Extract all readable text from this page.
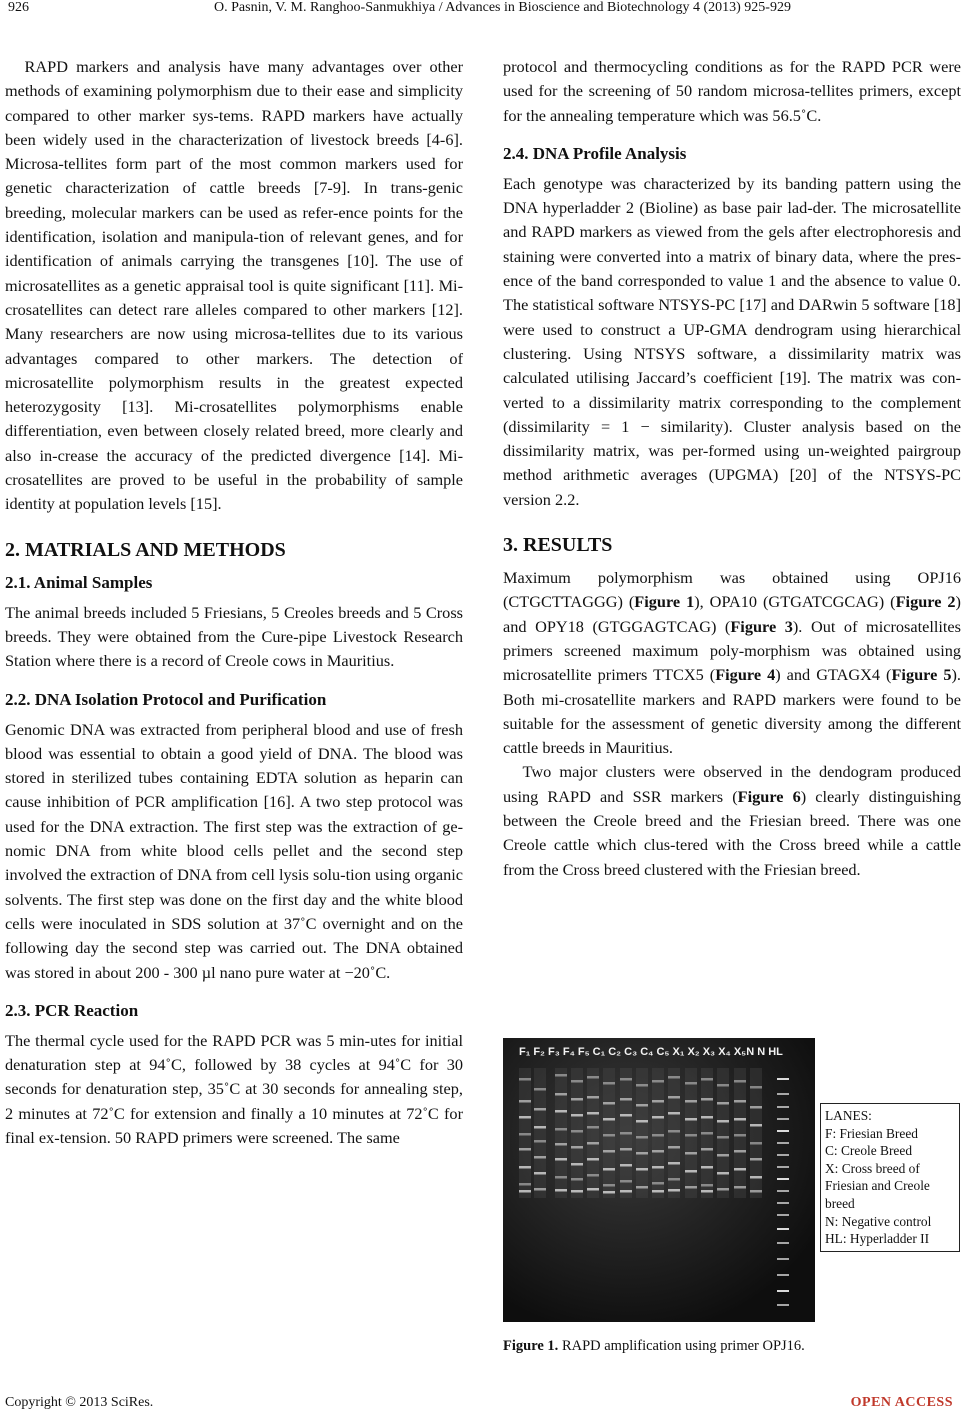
926	O. Pasnin, V. M. Ranghoo-Sanmukhiya / Advances in Bioscience and Biotechnology 4 (2013) 925-929

RAPD markers and analysis have many advantages over other methods of examining polymorphism due to their ease and simplicity compared to other marker sys-tems. RAPD markers have actually been widely used in the characterization of livestock breeds [4-6]. Microsa-tellites form part of the most common markers used for genetic characterization of cattle breeds [7-9]. In trans-genic breeding, molecular markers can be used as refer-ence points for the identification, isolation and manipula-tion of relevant genes, and for identification of animals carrying the transgenes [10]. The use of microsatellites as a genetic appraisal tool is quite significant [11]. Mi-crosatellites can detect rare alleles compared to other markers [12]. Many researchers are now using microsa-tellites due to its various advantages compared to other markers. The detection of microsatellite polymorphism results in the greatest expected heterozygosity [13]. Mi-crosatellites polymorphisms enable differentiation, even between closely related breed, more clearly and also in-crease the accuracy of the predicted divergence [14]. Mi-crosatellites are proved to be useful in the probability of sample identity at population levels [15].

2. MATRIALS AND METHODS
2.1. Animal Samples

The animal breeds included 5 Friesians, 5 Creoles breeds and 5 Cross breeds. They were obtained from the Cure-pipe Livestock Research Station where there is a record of Creole cows in Mauritius.

2.2. DNA Isolation Protocol and Purification

Genomic DNA was extracted from peripheral blood and use of fresh blood was essential to obtain a good yield of DNA. The blood was stored in sterilized tubes containing EDTA solution as heparin can cause inhibition of PCR amplification [16]. A two step protocol was used for the DNA extraction. The first step was the extraction of ge-nomic DNA from white blood cells pellet and the second step involved the extraction of DNA from cell lysis solu-tion using organic solvents. The first step was done on the first day and the white blood cells were inoculated in SDS solution at 37˚C overnight and on the following day the second step was carried out. The DNA obtained was stored in about 200 - 300 µl nano pure water at −20˚C.

2.3. PCR Reaction

The thermal cycle used for the RAPD PCR was 5 min-utes for initial denaturation step at 94˚C, followed by 38 cycles at 94˚C for 30 seconds for denaturation step, 35˚C at 30 seconds for annealing step, 2 minutes at 72˚C for extension and finally a 10 minutes at 72˚C for final ex-tension. 50 RAPD primers were screened. The same

protocol and thermocycling conditions as for the RAPD PCR were used for the screening of 50 random microsa-tellites primers, except for the annealing temperature which was 56.5˚C.

2.4. DNA Profile Analysis

Each genotype was characterized by its banding pattern using the DNA hyperladder 2 (Bioline) as base pair lad-der. The microsatellite and RAPD markers as viewed from the gels after electrophoresis and staining were converted into a matrix of binary data, where the pres-ence of the band corresponded to value 1 and the absence to value 0. The statistical software NTSYS-PC [17] and DARwin 5 software [18] were used to construct a UP-GMA dendrogram using hierarchical clustering. Using NTSYS software, a dissimilarity matrix was calculated utilising Jaccard’s coefficient [19]. The matrix was con-verted to a dissimilarity matrix corresponding to the complement (dissimilarity = 1 − similarity). Cluster analysis based on the dissimilarity matrix, was per-formed using un-weighted pairgroup method arithmetic averages (UPGMA) [20] of the NTSYS-PC version 2.2.

3. RESULTS

Maximum polymorphism was obtained using OPJ16 (CTGCTTAGGG) (Figure 1), OPA10 (GTGATCGCAG) (Figure 2) and OPY18 (GTGGAGTCAG) (Figure 3). Out of microsatellites primers screened maximum poly-morphism was obtained using microsatellite primers TTCX5 (Figure 4) and GTAGX4 (Figure 5). Both mi-crosatellite markers and RAPD markers were found to be suitable for the assessment of genetic diversity among the different cattle breeds in Mauritius.

Two major clusters were observed in the dendogram produced using RAPD and SSR markers (Figure 6) clearly distinguishing between the Creole breed and the Friesian breed. There was one Creole cattle which clus-tered with the Cross breed while a cattle from the Cross breed clustered with the Friesian breed.

F₁ F₂ F₃ F₄ F₅ C₁ C₂ C₃ C₄ C₅ X₁ X₂ X₃ X₄ X₅N N HL
LANES:
F: Friesian Breed
C: Creole Breed
X: Cross breed of
Friesian and Creole
breed
N: Negative control
HL: Hyperladder II
Figure 1. RAPD amplification using primer OPJ16.
Copyright © 2013 SciRes.	OPEN ACCESS
